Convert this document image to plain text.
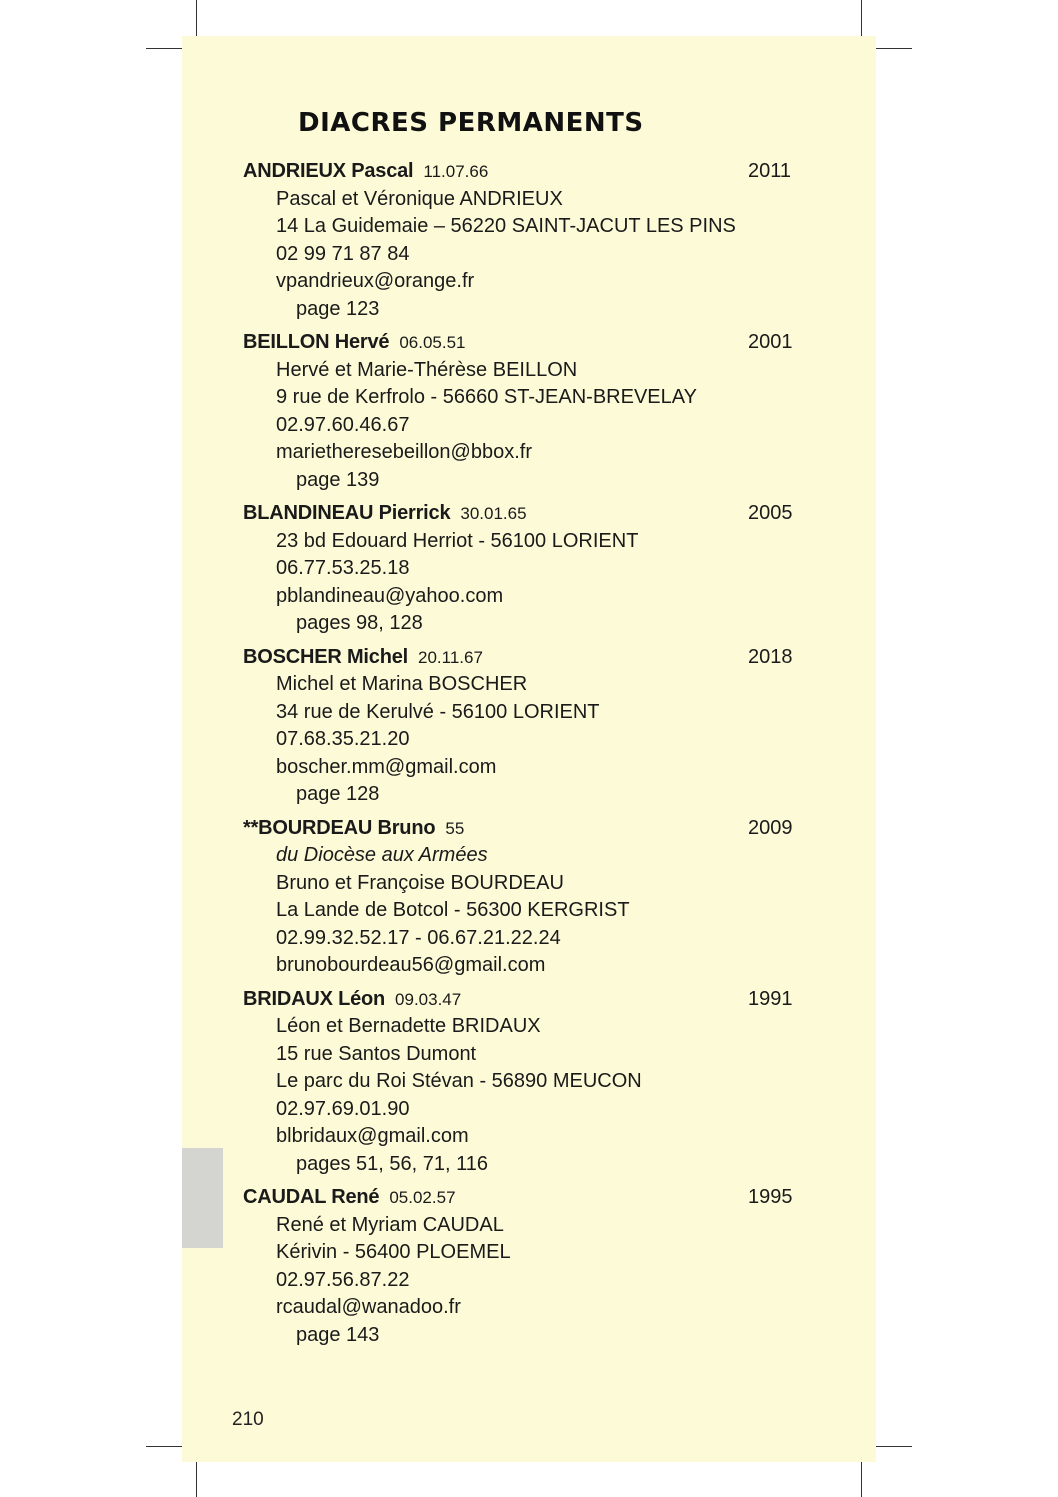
DIACRES PERMANENTS
ANDRIEUX Pascal 11.07.66	2011
Pascal et Véronique ANDRIEUX
14 La Guidemaie – 56220 SAINT-JACUT LES PINS
02 99 71 87 84
vpandrieux@orange.fr
page 123
BEILLON Hervé 06.05.51	2001
Hervé et Marie-Thérèse BEILLON
9 rue de Kerfrolo - 56660 ST-JEAN-BREVELAY
02.97.60.46.67
marietheresebeillon@bbox.fr
page 139
BLANDINEAU Pierrick 30.01.65	2005
23 bd Edouard Herriot - 56100 LORIENT
06.77.53.25.18
pblandineau@yahoo.com
pages 98, 128
BOSCHER Michel 20.11.67	2018
Michel et Marina BOSCHER
34 rue de Kerulvé - 56100 LORIENT
07.68.35.21.20
boscher.mm@gmail.com
page 128
**BOURDEAU Bruno 55	2009
du Diocèse aux Armées
Bruno et Françoise BOURDEAU
La Lande de Botcol - 56300 KERGRIST
02.99.32.52.17 - 06.67.21.22.24
brunobourdeau56@gmail.com
BRIDAUX Léon 09.03.47	1991
Léon et Bernadette BRIDAUX
15 rue Santos Dumont
Le parc du Roi Stévan - 56890 MEUCON
02.97.69.01.90
blbridaux@gmail.com
pages 51, 56, 71, 116
CAUDAL René 05.02.57	1995
René et Myriam CAUDAL
Kérivin - 56400 PLOEMEL
02.97.56.87.22
rcaudal@wanadoo.fr
page 143
210
